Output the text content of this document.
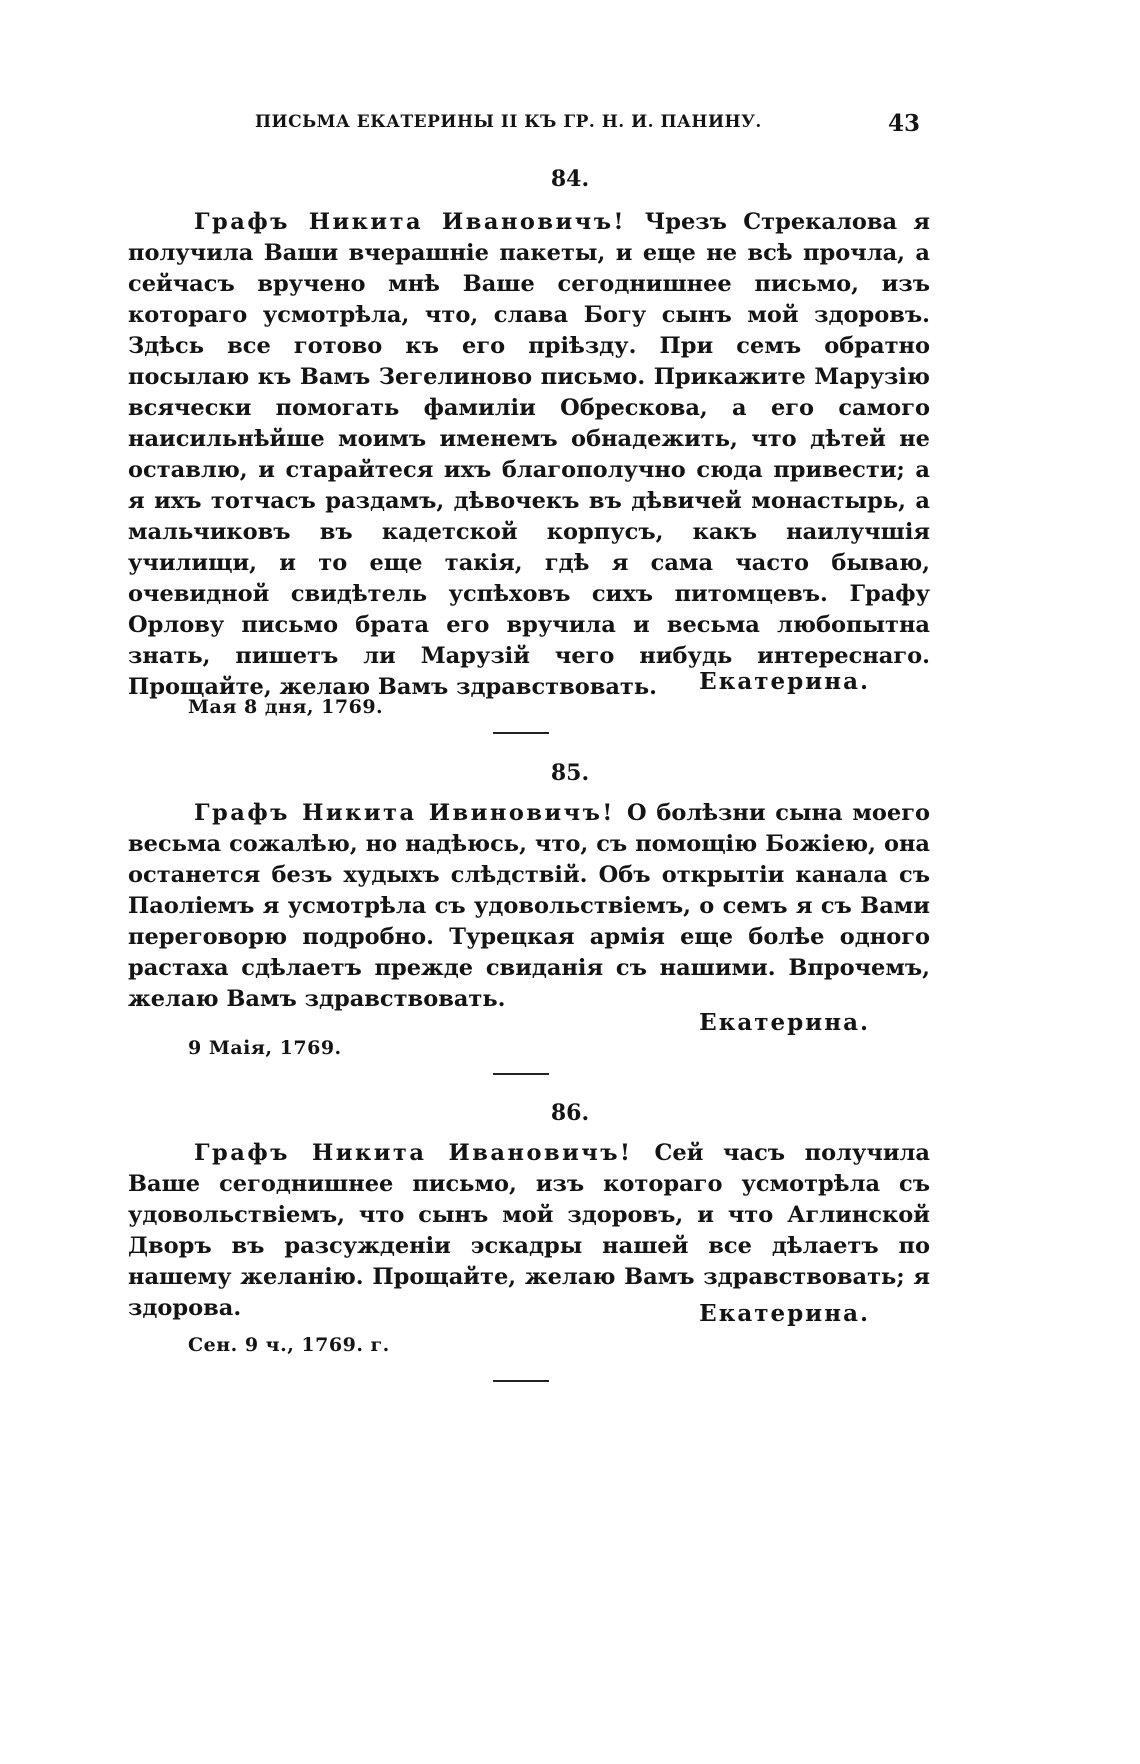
ПИСЬМА ЕКАТЕРИНЫ II КЪ ГР. Н. И. ПАНИНУ.	43
84.
Графъ Никита Ивановичъ! Чрезъ Стрекалова я получила Ваши вчерашніе пакеты, и еще не всѣ прочла, а сейчасъ вручено мнѣ Ваше сегоднишнее письмо, изъ котораго усмотрѣла, что, слава Богу сынъ мой здоровъ. Здѣсь все готово къ его пріѣзду. При семъ обратно посылаю къ Вамъ Зегелиново письмо. Прикажите Марузію всячески помогать фамиліи Обрескова, а его самого наисильнѣйше моимъ именемъ обнадежить, что дѣтей не оставлю, и старайтеся ихъ благополучно сюда привести; а я ихъ тотчасъ раздамъ, дѣвочекъ въ дѣвичей монастырь, а мальчиковъ въ кадетской корпусъ, какъ наилучшія училищи, и то еще такія, гдѣ я сама часто бываю, очевидной свидѣтель успѣховъ сихъ питомцевъ. Графу Орлову письмо брата его вручила и весьма любопытна знать, пишетъ ли Марузій чего нибудь интереснаго. Прощайте, желаю Вамъ здравствовать.	Екатерина.
Мая 8 дня, 1769.
85.
Графъ Никита Ивиновичъ! О болѣзни сына моего весьма сожалѣю, но надѣюсь, что, съ помощію Божіею, она останется безъ худыхъ слѣдствій. Объ открытіи канала съ Паоліемъ я усмотрѣла съ удовольствіемъ, о семъ я съ Вами переговорю подробно. Турецкая армія еще болѣе одного растаха сдѣлаетъ прежде свиданія съ нашими. Впрочемъ, желаю Вамъ здравствовать.
Екатерина.
9 Маія, 1769.
86.
Графъ Никита Ивановичъ! Сей часъ получила Ваше сегоднишнее письмо, изъ котораго усмотрѣла съ удовольствіемъ, что сынъ мой здоровъ, и что Аглинской Дворъ въ разсужденіи эскадры нашей все дѣлаетъ по нашему желанію. Прощайте, желаю Вамъ здравствовать; я здорова.	Екатерина.
Сен. 9 ч., 1769. г.
